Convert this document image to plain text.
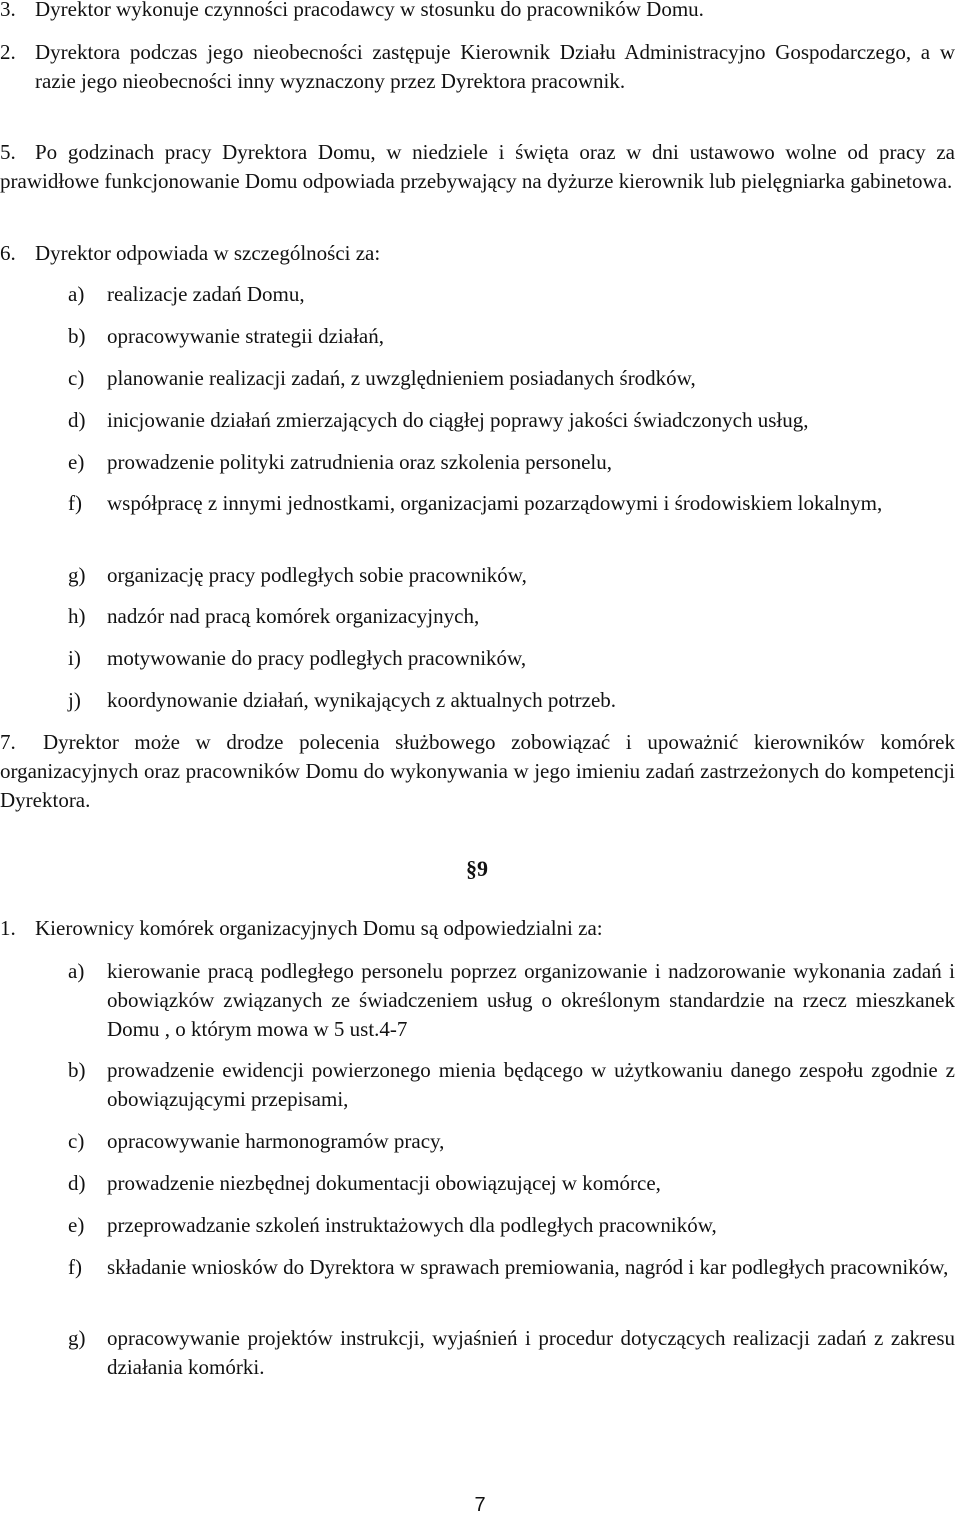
3. Dyrektor wykonuje czynności pracodawcy w stosunku do pracowników Domu.
2. Dyrektora podczas jego nieobecności zastępuje Kierownik Działu Administracyjno Gospodarczego, a w razie jego nieobecności inny wyznaczony przez Dyrektora pracownik.
5. Po godzinach pracy Dyrektora Domu, w niedziele i święta oraz w dni ustawowo wolne od pracy za prawidłowe funkcjonowanie Domu odpowiada przebywający na dyżurze kierownik lub pielęgniarka gabinetowa.
6. Dyrektor odpowiada w szczególności za:
a) realizacje zadań Domu,
b) opracowywanie strategii działań,
c) planowanie realizacji zadań, z uwzględnieniem posiadanych środków,
d) inicjowanie działań zmierzających do ciągłej poprawy jakości świadczonych usług,
e) prowadzenie polityki zatrudnienia oraz szkolenia personelu,
f) współpracę z innymi jednostkami, organizacjami pozarządowymi i środowiskiem lokalnym,
g) organizację pracy podległych sobie pracowników,
h) nadzór nad pracą komórek organizacyjnych,
i) motywowanie do pracy podległych pracowników,
j) koordynowanie działań, wynikających z aktualnych potrzeb.
7.	Dyrektor może w drodze polecenia służbowego zobowiązać i upoważnić kierowników komórek organizacyjnych oraz pracowników Domu do wykonywania w jego imieniu zadań zastrzeżonych do kompetencji Dyrektora.
§9
1. Kierownicy komórek organizacyjnych Domu są odpowiedzialni za:
a) kierowanie pracą podległego personelu poprzez organizowanie i nadzorowanie wykonania zadań i obowiązków związanych ze świadczeniem usług o określonym standardzie na rzecz mieszkanek Domu , o którym mowa w 5 ust.4-7
b) prowadzenie ewidencji powierzonego mienia będącego w użytkowaniu danego zespołu zgodnie z obowiązującymi przepisami,
c) opracowywanie harmonogramów pracy,
d) prowadzenie niezbędnej dokumentacji obowiązującej w komórce,
e) przeprowadzanie szkoleń instruktażowych dla podległych pracowników,
f) składanie wniosków do Dyrektora w sprawach premiowania, nagród i kar podległych pracowników,
g) opracowywanie projektów instrukcji, wyjaśnień i procedur dotyczących realizacji zadań z zakresu działania komórki.
7
